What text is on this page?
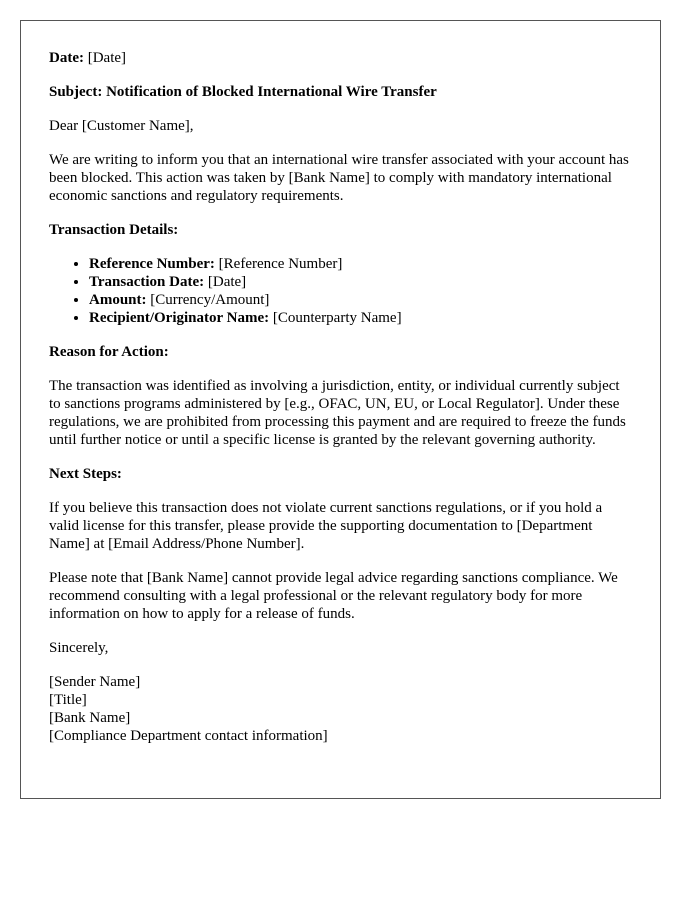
Date: [Date]

Subject: Notification of Blocked International Wire Transfer

Dear [Customer Name],

We are writing to inform you that an international wire transfer associated with your account has been blocked. This action was taken by [Bank Name] to comply with mandatory international economic sanctions and regulatory requirements.

Transaction Details:

• Reference Number: [Reference Number]
• Transaction Date: [Date]
• Amount: [Currency/Amount]
• Recipient/Originator Name: [Counterparty Name]

Reason for Action:

The transaction was identified as involving a jurisdiction, entity, or individual currently subject to sanctions programs administered by [e.g., OFAC, UN, EU, or Local Regulator]. Under these regulations, we are prohibited from processing this payment and are required to freeze the funds until further notice or until a specific license is granted by the relevant governing authority.

Next Steps:

If you believe this transaction does not violate current sanctions regulations, or if you hold a valid license for this transfer, please provide the supporting documentation to [Department Name] at [Email Address/Phone Number].

Please note that [Bank Name] cannot provide legal advice regarding sanctions compliance. We recommend consulting with a legal professional or the relevant regulatory body for more information on how to apply for a release of funds.

Sincerely,

[Sender Name]
[Title]
[Bank Name]
[Compliance Department contact information]
